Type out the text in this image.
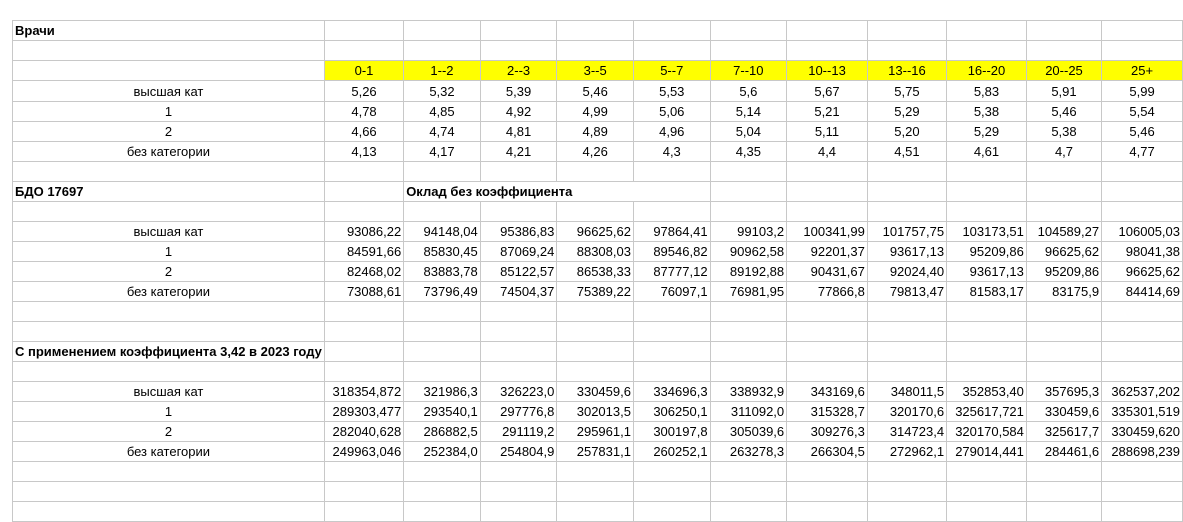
Врачи											

	0-1	1--2	2--3	3--5	5--7	7--10	10--13	13--16	16--20	20--25	25+
высшая кат	5,26	5,32	5,39	5,46	5,53	5,6	5,67	5,75	5,83	5,91	5,99
1	4,78	4,85	4,92	4,99	5,06	5,14	5,21	5,29	5,38	5,46	5,54
2	4,66	4,74	4,81	4,89	4,96	5,04	5,11	5,20	5,29	5,38	5,46
без категории	4,13	4,17	4,21	4,26	4,3	4,35	4,4	4,51	4,61	4,7	4,77

БДО 17697		Оклад без коэффициента									

высшая кат	93086,22	94148,04	95386,83	96625,62	97864,41	99103,2	100341,99	101757,75	103173,51	104589,27	106005,03
1	84591,66	85830,45	87069,24	88308,03	89546,82	90962,58	92201,37	93617,13	95209,86	96625,62	98041,38
2	82468,02	83883,78	85122,57	86538,33	87777,12	89192,88	90431,67	92024,40	93617,13	95209,86	96625,62
без категории	73088,61	73796,49	74504,37	75389,22	76097,1	76981,95	77866,8	79813,47	81583,17	83175,9	84414,69

С применением коэффициента 3,42 в 2023 году											

высшая кат	318354,872	321986,3	326223,0	330459,6	334696,3	338932,9	343169,6	348011,5	352853,40	357695,3	362537,202
1	289303,477	293540,1	297776,8	302013,5	306250,1	311092,0	315328,7	320170,6	325617,721	330459,6	335301,519
2	282040,628	286882,5	291119,2	295961,1	300197,8	305039,6	309276,3	314723,4	320170,584	325617,7	330459,620
без категории	249963,046	252384,0	254804,9	257831,1	260252,1	263278,3	266304,5	272962,1	279014,441	284461,6	288698,239
